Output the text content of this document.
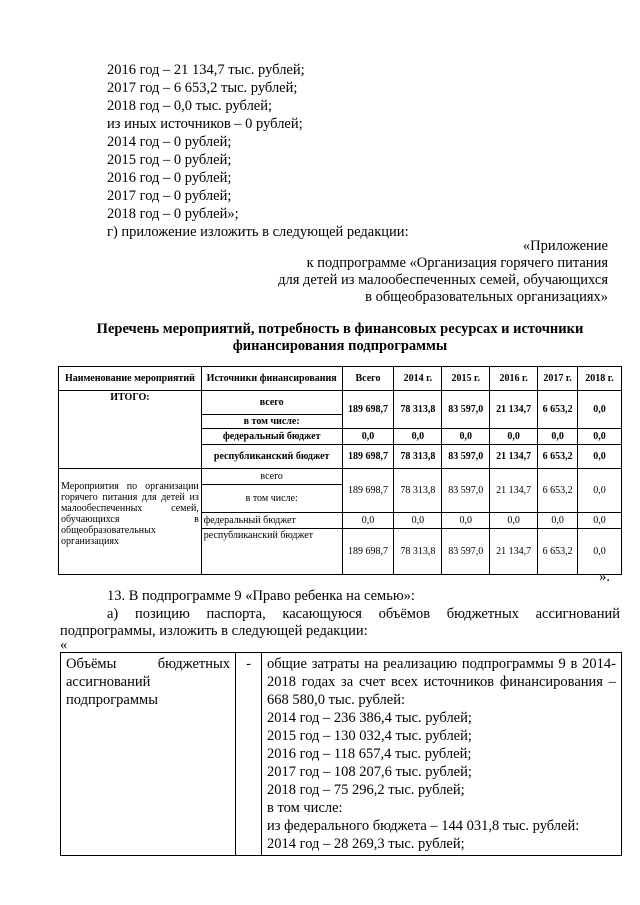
2016 год – 21 134,7 тыс. рублей;
2017 год – 6 653,2 тыс. рублей;
2018 год – 0,0 тыс. рублей;
из иных источников – 0 рублей;
2014 год – 0 рублей;
2015 год – 0 рублей;
2016 год – 0 рублей;
2017 год – 0 рублей;
2018 год – 0 рублей»;
г) приложение изложить в следующей редакции:
«Приложение
к подпрограмме «Организация горячего питания
для детей из малообеспеченных семей, обучающихся
в общеобразовательных организациях»
Перечень мероприятий, потребность в финансовых ресурсах и источники
финансирования подпрограммы
Наименование мероприятий	Источники финансирования	Всего	2014 г.	2015 г.	2016 г.	2017 г.	2018 г.
ИТОГО:	всего	189 698,7	78 313,8	83 597,0	21 134,7	6 653,2	0,0
	в том числе:						
	федеральный бюджет	0,0	0,0	0,0	0,0	0,0	0,0
	республиканский бюджет	189 698,7	78 313,8	83 597,0	21 134,7	6 653,2	0,0
Мероприятия по организации горячего питания для детей из малообеспеченных семей, обучающихся в общеобразовательных организациях	всего	189 698,7	78 313,8	83 597,0	21 134,7	6 653,2	0,0
	в том числе:						
	федеральный бюджет	0,0	0,0	0,0	0,0	0,0	0,0
	республиканский бюджет	189 698,7	78 313,8	83 597,0	21 134,7	6 653,2	0,0
».
13. В подпрограмме 9 «Право ребенка на семью»:
а) позицию паспорта, касающуюся объёмов бюджетных ассигнований
подпрограммы, изложить в следующей редакции:
«
Объёмы бюджетных ассигнований подпрограммы	-	общие затраты на реализацию подпрограммы 9 в 2014-2018 годах за счет всех источников финансирования – 668 580,0 тыс. рублей:
2014 год – 236 386,4 тыс. рублей;
2015 год – 130 032,4 тыс. рублей;
2016 год – 118 657,4 тыс. рублей;
2017 год – 108 207,6 тыс. рублей;
2018 год – 75 296,2 тыс. рублей;
в том числе:
из федерального бюджета – 144 031,8 тыс. рублей:
2014 год – 28 269,3 тыс. рублей;
